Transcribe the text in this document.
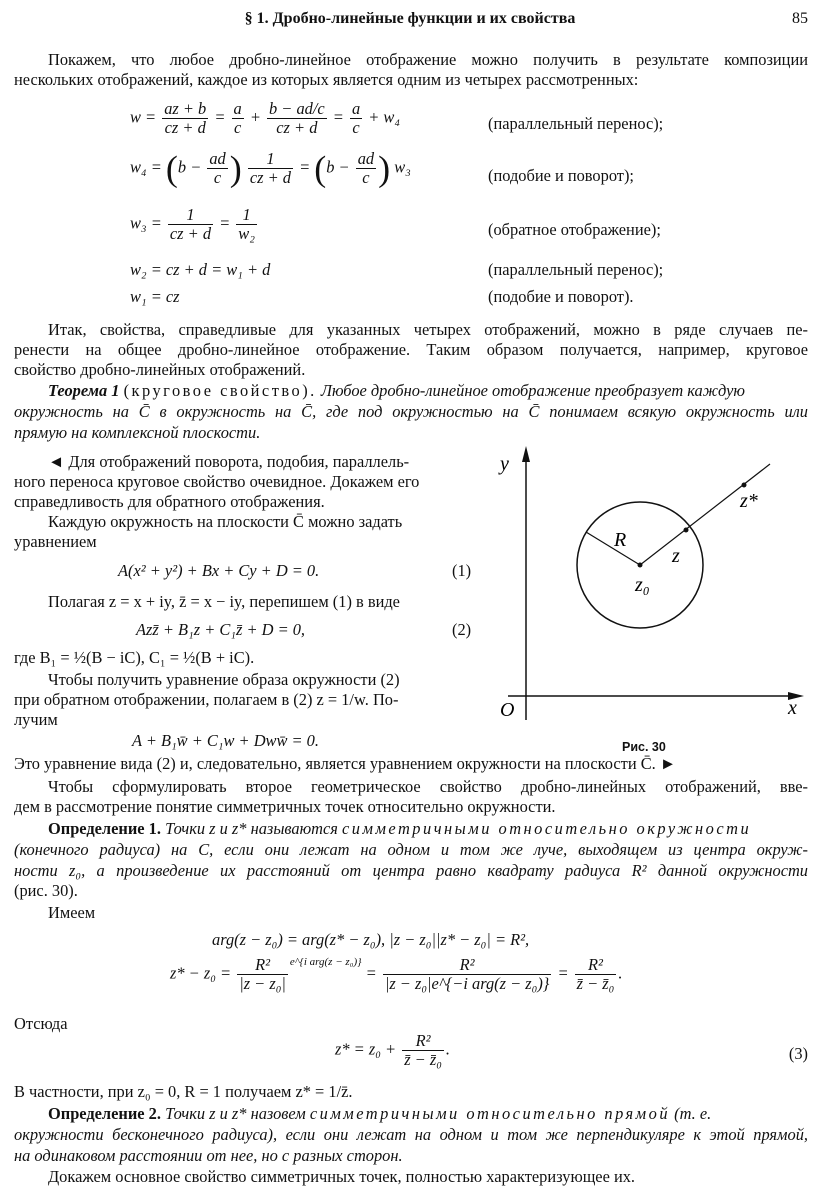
§ 1. Дробно-линейные функции и их свойства	85
Покажем, что любое дробно-линейное отображение можно получить в результате композиции
нескольких отображений, каждое из которых является одним из четырех рассмотренных:
$w = \frac{az + b}{cz + d} = \frac{a}{c} + \frac{b - ad/c}{cz + d} = \frac{a}{c} + w_4$	(параллельный перенос);
$w_4 = (b - \frac{ad}{c}$ ) $\frac{1}{cz + d} = (b - \frac{ad}{c}$ ) w₃	(подобие и поворот);
$w_3 = \frac{1}{cz + d} = \frac{1}{\text{w₂}}$	(обратное отображение);
w₂ = cz + d = w₁ + d	(параллельный перенос);
w₁ = cz	(подобие и поворот).
Итак, свойства, справедливые для указанных четырех отображений, можно в ряде случаев пе-
ренести на общее дробно-линейное отображение. Таким образом получается, например, круговое
свойство дробно-линейных отображений.
Теорема 1 (круговое свойство). Любое дробно-линейное отображение преобразует каждую
окружность на C̄ в окружность на C̄, где под окружностью на C̄ понимаем всякую окружность или
прямую на комплексной плоскости.
◄ Для отображений поворота, подобия, параллель-
ного переноса круговое свойство очевидное. Докажем его
справедливость для обратного отображения.
Каждую окружность на плоскости C̄ можно задать
уравнением
A(x² + y²) + Bx + Cy + D = 0.	(1)
Полагая z = x + iy, z̄ = x − iy, перепишем (1) в виде
Azz̄ + B₁z + C₁z̄ + D = 0,	(2)
где B₁ = ½(B − iC), C₁ = ½(B + iC).
Чтобы получить уравнение образа окружности (2)
при обратном отображении, полагаем в (2) z = 1/w. По-
лучим
A + B₁w̄ + C₁w + Dww̄ = 0.
Это уравнение вида (2) и, следовательно, является уравнением окружности на плоскости C̄. ►
y
x
O
R
z
z₀
z*
Рис. 30
Чтобы сформулировать второе геометрическое свойство дробно-линейных отображений, вве-
дем в рассмотрение понятие симметричных точек относительно окружности.
Определение 1. Точки z и z* называются симметричными относительно окружности
(конечного радиуса) на C, если они лежат на одном и том же луче, выходящем из центра окруж-
ности z₀, а произведение их расстояний от центра равно квадрату радиуса R² данной окружности
(рис. 30).
Имеем
arg(z − z₀) = arg(z* − z₀), |z − z₀||z* − z₀| = R²,
$z* - z_0 = \frac{\text{R²}}{\text{|z − z₀|}} ^{e\^{}\{i arg(z - z_0)\}} = \frac{\text{R²}}{\text{|z − z₀|e\textasciicircum{}\{−i arg(z − z₀)\}}} = \frac{\text{R²}}{\text{z̄ − z̄₀}}$ .
Отсюда
$z* = z_0 + \frac{\text{R²}}{\text{z̄ − z̄₀}}$ .	(3)
В частности, при z₀ = 0, R = 1 получаем z* = 1/z̄.
Определение 2. Точки z и z* назовем симметричными относительно прямой (т. е.
окружности бесконечного радиуса), если они лежат на одном и том же перпендикуляре к этой прямой,
на одинаковом расстоянии от нее, но с разных сторон.
Докажем основное свойство симметричных точек, полностью характеризующее их.
